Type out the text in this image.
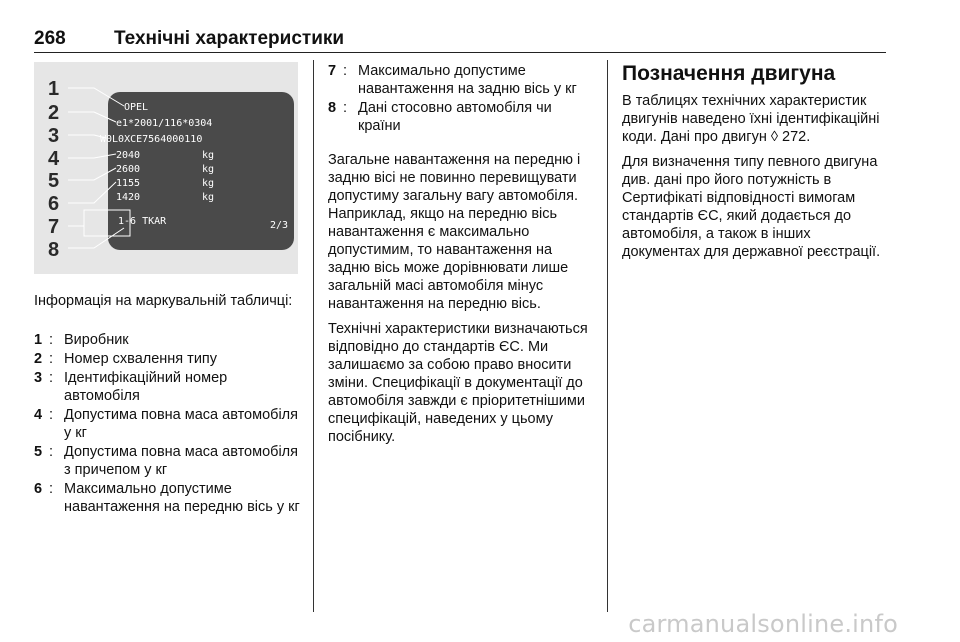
268	Технічні характеристики
OPEL
e1*2001/116*0304
W0L0XCE7564000110
2040
2600
1155
1420
kg
kg
kg
kg
1-6 TKAR	2/3
1
2
3
4
5
6
7
8
Інформація на маркувальній табличці:
1 : Виробник
2 : Номер схвалення типу
3 : Ідентифікаційний номер автомобіля
4 : Допустима повна маса автомобіля у кг
5 : Допустима повна маса автомобіля з причепом у кг
6 : Максимально допустиме навантаження на передню вісь у кг
7 : Максимально допустиме навантаження на задню вісь у кг
8 : Дані стосовно автомобіля чи країни

Загальне навантаження на передню і задню вісі не повинно перевищувати допустиму загальну вагу автомобіля. Наприклад, якщо на передню вісь навантаження є максимально допустимим, то навантаження на задню вісь може дорівнювати лише загальній масі автомобіля мінус навантаження на передню вісь.

Технічні характеристики визначаються відповідно до стандартів ЄС. Ми залишаємо за собою право вносити зміни. Специфікації в документації до автомобіля завжди є пріоритетнішими специфікацій, наведених у цьому посібнику.

Позначення двигуна

В таблицях технічних характеристик двигунів наведено їхні ідентифікаційні коди. Дані про двигун ◊ 272.

Для визначення типу певного двигуна див. дані про його потужність в Сертифікаті відповідності вимогам стандартів ЄС, який додається до автомобіля, а також в інших документах для державної реєстрації.

carmanualsonline.info
